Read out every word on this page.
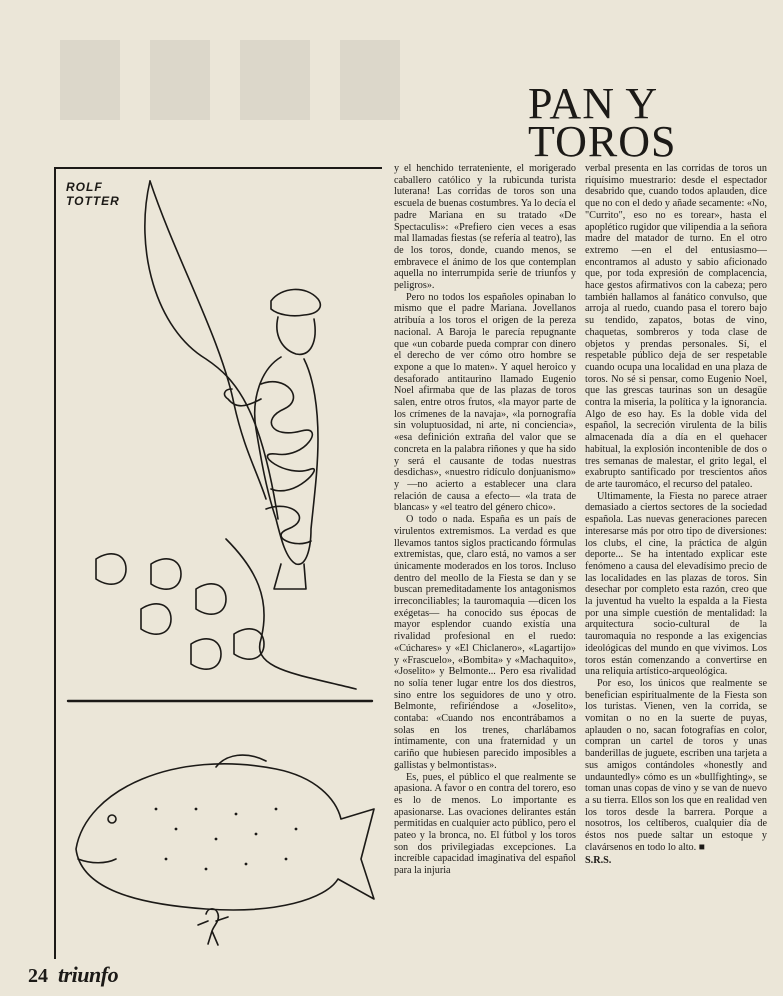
PAN Y
TOROS
ROLF
TOTTER

y el henchido terrateniente, el morigerado caballero católico y la rubicunda turista luterana! Las corridas de toros son una escuela de buenas costumbres. Ya lo decía el padre Mariana en su tratado «De Spectaculis»: «Prefiero cien veces a esas mal llamadas fiestas (se refería al teatro), las de los toros, donde, cuando menos, se embravece el ánimo de los que contemplan aquella no interrumpida serie de triunfos y peligros».

Pero no todos los españoles opinaban lo mismo que el padre Mariana. Jovellanos atribuía a los toros el origen de la pereza nacional. A Baroja le parecía repugnante que «un cobarde pueda comprar con dinero el derecho de ver cómo otro hombre se expone a que lo maten». Y aquel heroico y desaforado antitaurino llamado Eugenio Noel afirmaba que de las plazas de toros salen, entre otros frutos, «la mayor parte de los crímenes de la navaja», «la pornografía sin voluptuosidad, ni arte, ni conciencia», «esa definición extraña del valor que se concreta en la palabra riñones y que ha sido y será el causante de todas nuestras desdichas», «nuestro ridículo donjuanismo» y —no acierto a establecer una clara relación de causa a efecto— «la trata de blancas» y «el teatro del género chico».

O todo o nada. España es un país de virulentos extremismos. La verdad es que llevamos tantos siglos practicando fórmulas extremistas, que, claro está, no vamos a ser únicamente moderados en los toros. Incluso dentro del meollo de la Fiesta se dan y se buscan premeditadamente los antagonismos irreconciliables; la tauromaquia —dicen los exégetas— ha conocido sus épocas de mayor esplendor cuando existía una rivalidad profesional en el ruedo: «Cúchares» y «El Chiclanero», «Lagartijo» y «Frascuelo», «Bombita» y «Machaquito», «Joselito» y Belmonte... Pero esa rivalidad no solía tener lugar entre los dos diestros, sino entre los seguidores de uno y otro. Belmonte, refiriéndose a «Joselito», contaba: «Cuando nos encontrábamos a solas en los trenes, charlábamos íntimamente, con una fraternidad y un cariño que hubiesen parecido imposibles a gallistas y belmontistas».

Es, pues, el público el que realmente se apasiona. A favor o en contra del torero, eso es lo de menos. Lo importante es apasionarse. Las ovaciones delirantes están permitidas en cualquier acto público, pero el pateo y la bronca, no. El fútbol y los toros son dos privilegiadas excepciones. La increíble capacidad imaginativa del español para la injuria

verbal presenta en las corridas de toros un riquísimo muestrario: desde el espectador desabrido que, cuando todos aplauden, dice que no con el dedo y añade secamente: «No, "Currito", eso no es torear», hasta el apoplético rugidor que vilipendia a la señora madre del matador de turno. En el otro extremo —en el del entusiasmo— encontramos al adusto y sabio aficionado que, por toda expresión de complacencia, hace gestos afirmativos con la cabeza; pero también hallamos al fanático convulso, que arroja al ruedo, cuando pasa el torero bajo su tendido, zapatos, botas de vino, chaquetas, sombreros y toda clase de objetos y prendas personales. Sí, el respetable público deja de ser respetable cuando ocupa una localidad en una plaza de toros. No sé si pensar, como Eugenio Noel, que las grescas taurinas son un desagüe contra la miseria, la política y la ignorancia. Algo de eso hay. Es la doble vida del español, la secreción virulenta de la bilis almacenada día a día en el quehacer habitual, la explosión incontenible de dos o tres semanas de malestar, el grito legal, el exabrupto santificado por trescientos años de arte tauromáco, el recurso del pataleo.

Ultimamente, la Fiesta no parece atraer demasiado a ciertos sectores de la sociedad española. Las nuevas generaciones parecen interesarse más por otro tipo de diversiones: los clubs, el cine, la práctica de algún deporte... Se ha intentado explicar este fenómeno a causa del elevadísimo precio de las localidades en las plazas de toros. Sin desechar por completo esta razón, creo que la juventud ha vuelto la espalda a la Fiesta por una simple cuestión de mentalidad: la arquitectura socio-cultural de la tauromaquia no responde a las exigencias ideológicas del mundo en que vivimos. Los toros están comenzando a convertirse en una reliquia artístico-arqueológica.

Por eso, los únicos que realmente se benefician espiritualmente de la Fiesta son los turistas. Vienen, ven la corrida, se vomitan o no en la suerte de puyas, aplauden o no, sacan fotografías en color, compran un cartel de toros y unas banderillas de juguete, escriben una tarjeta a sus amigos contándoles «honestly and undauntedly» cómo es un «bullfighting», se toman unas copas de vino y se van de nuevo a su tierra. Ellos son los que en realidad ven los toros desde la barrera. Porque a nosotros, los celtíberos, cualquier día de éstos nos puede saltar un estoque y clavársenos en todo lo alto. ■

S.R.S.
24 triunfo
